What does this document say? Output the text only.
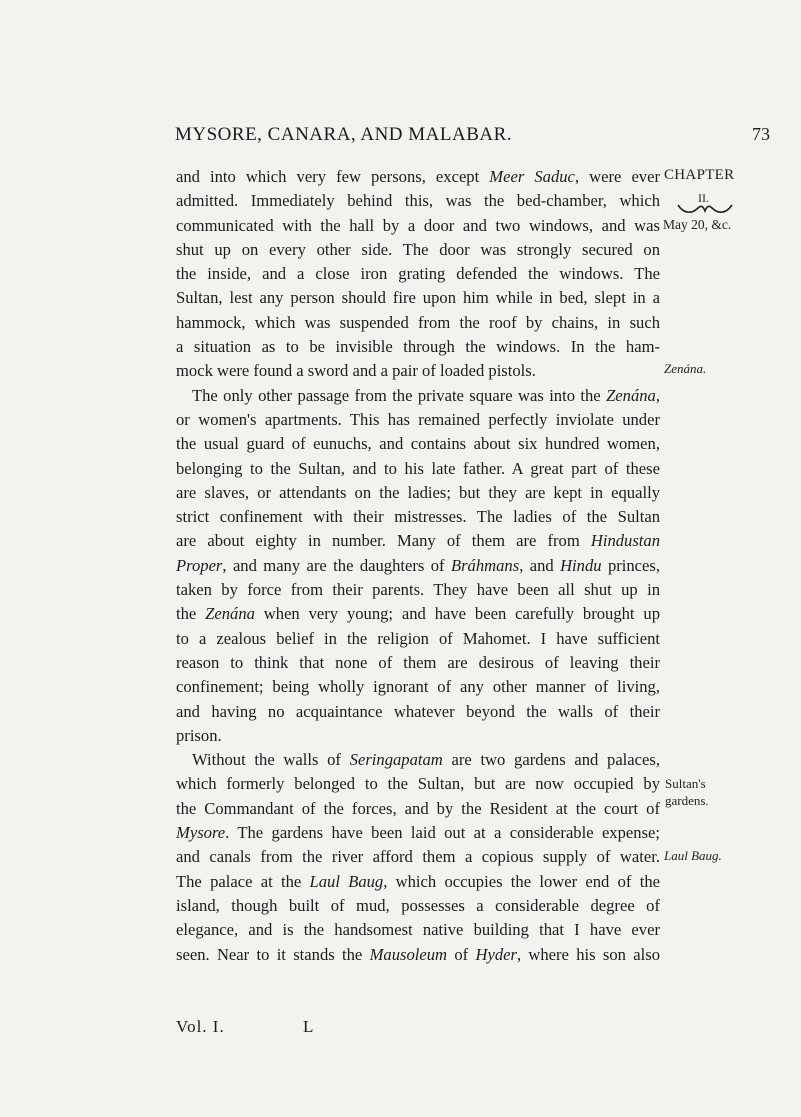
MYSORE, CANARA, AND MALABAR.	73
and into which very few persons, except Meer Saduc, were ever
admitted. Immediately behind this, was the bed-chamber, which
communicated with the hall by a door and two windows, and was
shut up on every other side. The door was strongly secured on
the inside, and a close iron grating defended the windows. The
Sultan, lest any person should fire upon him while in bed, slept in a
hammock, which was suspended from the roof by chains, in such
a situation as to be invisible through the windows. In the ham-
mock were found a sword and a pair of loaded pistols.
The only other passage from the private square was into the Zenána,
or women's apartments. This has remained perfectly inviolate under
the usual guard of eunuchs, and contains about six hundred women,
belonging to the Sultan, and to his late father. A great part of these
are slaves, or attendants on the ladies; but they are kept in equally
strict confinement with their mistresses. The ladies of the Sultan
are about eighty in number. Many of them are from Hindustan
Proper, and many are the daughters of Bráhmans, and Hindu princes,
taken by force from their parents. They have been all shut up in
the Zenána when very young; and have been carefully brought up
to a zealous belief in the religion of Mahomet. I have sufficient
reason to think that none of them are desirous of leaving their
confinement; being wholly ignorant of any other manner of living,
and having no acquaintance whatever beyond the walls of their
prison.
Without the walls of Seringapatam are two gardens and palaces,
which formerly belonged to the Sultan, but are now occupied by
the Commandant of the forces, and by the Resident at the court of
Mysore. The gardens have been laid out at a considerable expense;
and canals from the river afford them a copious supply of water.
The palace at the Laul Baug, which occupies the lower end of the
island, though built of mud, possesses a considerable degree of
elegance, and is the handsomest native building that I have ever
seen. Near to it stands the Mausoleum of Hyder, where his son also
CHAPTER
II.
May 20, &c.
Zenána.
Sultan's
gardens.
Laul Baug.
Vol. I.	L
